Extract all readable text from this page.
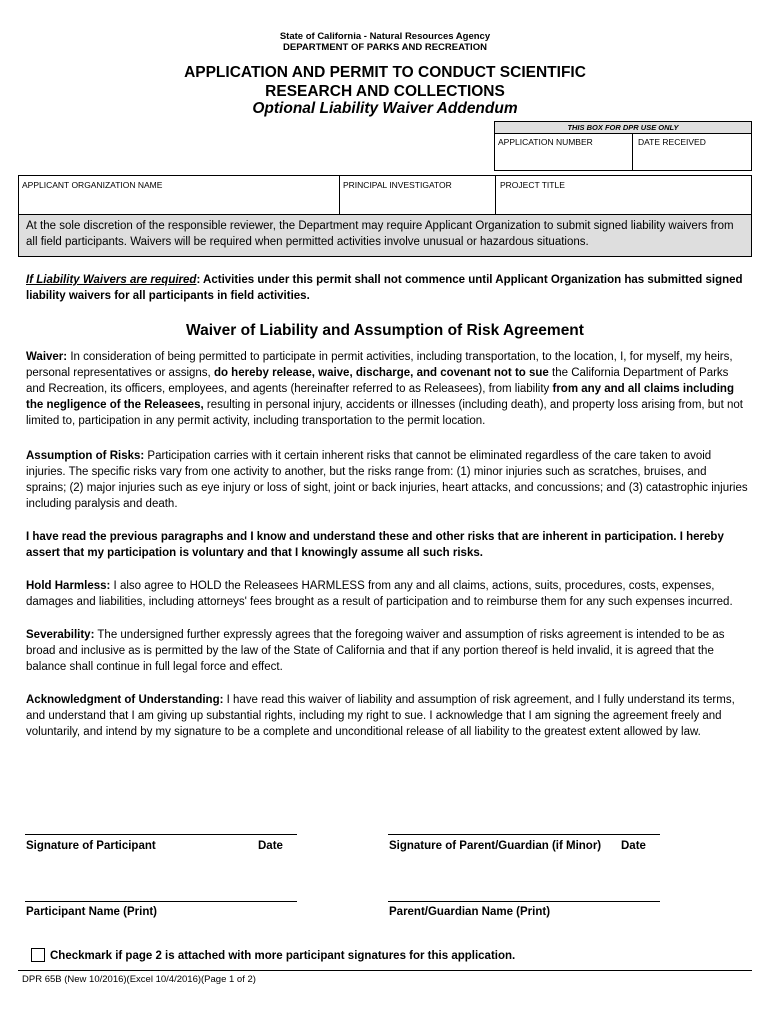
State of California - Natural Resources Agency
DEPARTMENT OF PARKS AND RECREATION
APPLICATION AND PERMIT TO CONDUCT SCIENTIFIC
RESEARCH AND COLLECTIONS
Optional Liability Waiver Addendum
THIS BOX FOR DPR USE ONLY
APPLICATION NUMBER	DATE RECEIVED
APPLICANT ORGANIZATION NAME	PRINCIPAL INVESTIGATOR	PROJECT TITLE
At the sole discretion of the responsible reviewer, the Department may require Applicant Organization to submit signed liability waivers from all field participants. Waivers will be required when permitted activities involve unusual or hazardous situations.
If Liability Waivers are required: Activities under this permit shall not commence until Applicant Organization has submitted signed liability waivers for all participants in field activities.
Waiver of Liability and Assumption of Risk Agreement
Waiver: In consideration of being permitted to participate in permit activities, including transportation, to the location, I, for myself, my heirs, personal representatives or assigns, do hereby release, waive, discharge, and covenant not to sue the California Department of Parks and Recreation, its officers, employees, and agents (hereinafter referred to as Releasees), from liability from any and all claims including the negligence of the Releasees, resulting in personal injury, accidents or illnesses (including death), and property loss arising from, but not limited to, participation in any permit activity, including transportation to the permit location.
Assumption of Risks: Participation carries with it certain inherent risks that cannot be eliminated regardless of the care taken to avoid injuries. The specific risks vary from one activity to another, but the risks range from: (1) minor injuries such as scratches, bruises, and sprains; (2) major injuries such as eye injury or loss of sight, joint or back injuries, heart attacks, and concussions; and (3) catastrophic injuries including paralysis and death.
I have read the previous paragraphs and I know and understand these and other risks that are inherent in participation. I hereby assert that my participation is voluntary and that I knowingly assume all such risks.
Hold Harmless: I also agree to HOLD the Releasees HARMLESS from any and all claims, actions, suits, procedures, costs, expenses, damages and liabilities, including attorneys' fees brought as a result of participation and to reimburse them for any such expenses incurred.
Severability: The undersigned further expressly agrees that the foregoing waiver and assumption of risks agreement is intended to be as broad and inclusive as is permitted by the law of the State of California and that if any portion thereof is held invalid, it is agreed that the balance shall continue in full legal force and effect.
Acknowledgment of Understanding: I have read this waiver of liability and assumption of risk agreement, and I fully understand its terms, and understand that I am giving up substantial rights, including my right to sue. I acknowledge that I am signing the agreement freely and voluntarily, and intend by my signature to be a complete and unconditional release of all liability to the greatest extent allowed by law.
Signature of Participant	Date	Signature of Parent/Guardian (if Minor) Date
Participant Name (Print)	Parent/Guardian Name (Print)
Checkmark if page 2 is attached with more participant signatures for this application.
DPR 65B (New 10/2016)(Excel 10/4/2016)(Page 1 of 2)
